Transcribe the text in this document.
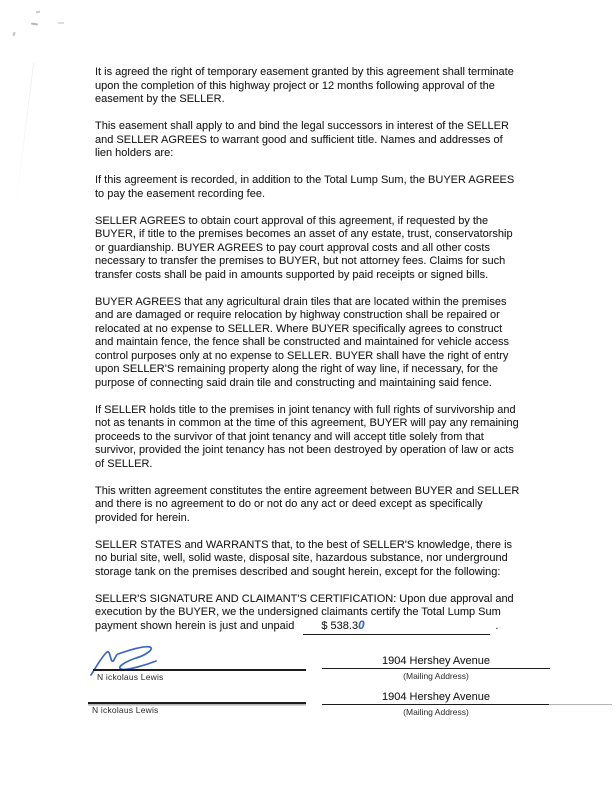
It is agreed the right of temporary easement granted by this agreement shall terminate
upon the completion of this highway project or 12 months following approval of the
easement by the SELLER.
This easement shall apply to and bind the legal successors in interest of the SELLER
and SELLER AGREES to warrant good and sufficient title. Names and addresses of
lien holders are:
If this agreement is recorded, in addition to the Total Lump Sum, the BUYER AGREES
to pay the easement recording fee.
SELLER AGREES to obtain court approval of this agreement, if requested by the
BUYER, if title to the premises becomes an asset of any estate, trust, conservatorship
or guardianship. BUYER AGREES to pay court approval costs and all other costs
necessary to transfer the premises to BUYER, but not attorney fees. Claims for such
transfer costs shall be paid in amounts supported by paid receipts or signed bills.
BUYER AGREES that any agricultural drain tiles that are located within the premises
and are damaged or require relocation by highway construction shall be repaired or
relocated at no expense to SELLER. Where BUYER specifically agrees to construct
and maintain fence, the fence shall be constructed and maintained for vehicle access
control purposes only at no expense to SELLER. BUYER shall have the right of entry
upon SELLER'S remaining property along the right of way line, if necessary, for the
purpose of connecting said drain tile and constructing and maintaining said fence.
If SELLER holds title to the premises in joint tenancy with full rights of survivorship and
not as tenants in common at the time of this agreement, BUYER will pay any remaining
proceeds to the survivor of that joint tenancy and will accept title solely from that
survivor, provided the joint tenancy has not been destroyed by operation of law or acts
of SELLER.
This written agreement constitutes the entire agreement between BUYER and SELLER
and there is no agreement to do or not do any act or deed except as specifically
provided for herein.
SELLER STATES and WARRANTS that, to the best of SELLER'S knowledge, there is
no burial site, well, solid waste, disposal site, hazardous substance, nor underground
storage tank on the premises described and sought herein, except for the following:
SELLER'S SIGNATURE AND CLAIMANT'S CERTIFICATION: Upon due approval and
execution by the BUYER, we the undersigned claimants certify the Total Lump Sum
payment shown herein is just and unpaid $ 538.30	.
N ickolaus Lewis
1904 Hershey Avenue
(Mailing Address)
N ickolaus Lewis
1904 Hershey Avenue
(Mailing Address)
